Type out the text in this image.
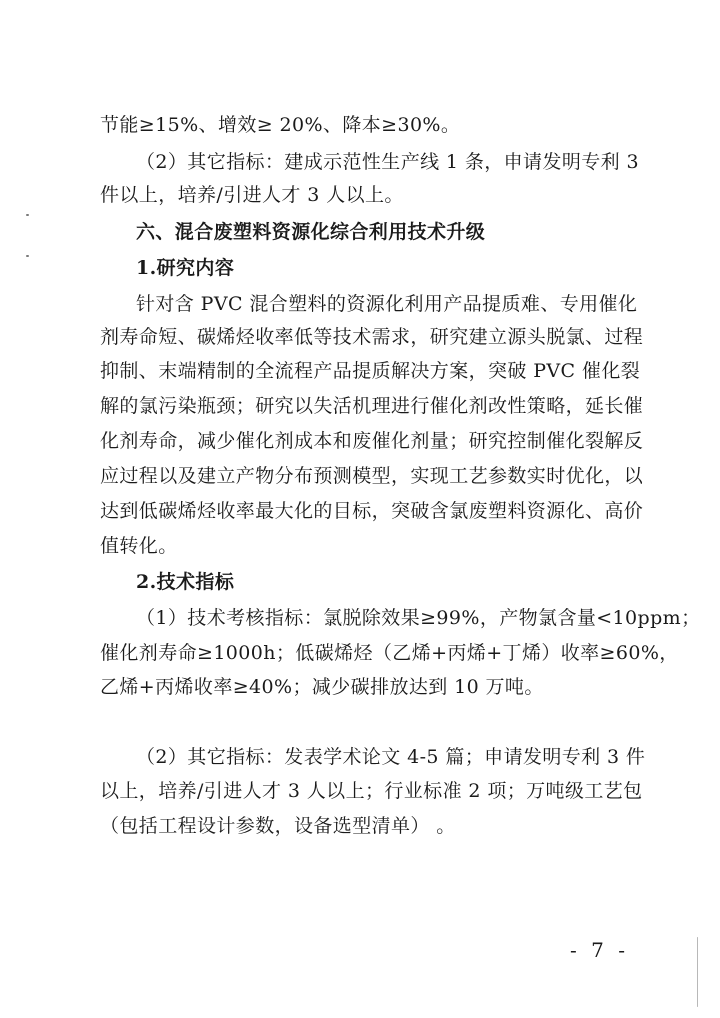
节能≥15%、增效≥ 20%、降本≥30%。
（2）其它指标：建成示范性生产线 1 条，申请发明专利 3
件以上，培养/引进人才 3 人以上。
六、混合废塑料资源化综合利用技术升级
1.研究内容
针对含 PVC 混合塑料的资源化利用产品提质难、专用催化
剂寿命短、碳烯烃收率低等技术需求，研究建立源头脱氯、过程
抑制、末端精制的全流程产品提质解决方案，突破 PVC 催化裂
解的氯污染瓶颈；研究以失活机理进行催化剂改性策略，延长催
化剂寿命，减少催化剂成本和废催化剂量；研究控制催化裂解反
应过程以及建立产物分布预测模型，实现工艺参数实时优化，以
达到低碳烯烃收率最大化的目标，突破含氯废塑料资源化、高价
值转化。
2.技术指标
（1）技术考核指标：氯脱除效果≥99%，产物氯含量<10ppm；
催化剂寿命≥1000h；低碳烯烃（乙烯+丙烯+丁烯）收率≥60%，
乙烯+丙烯收率≥40%；减少碳排放达到 10 万吨。
（2）其它指标：发表学术论文 4-5 篇；申请发明专利 3 件
以上，培养/引进人才 3 人以上；行业标准 2 项；万吨级工艺包
（包括工程设计参数，设备选型清单） 。
- 7 -
